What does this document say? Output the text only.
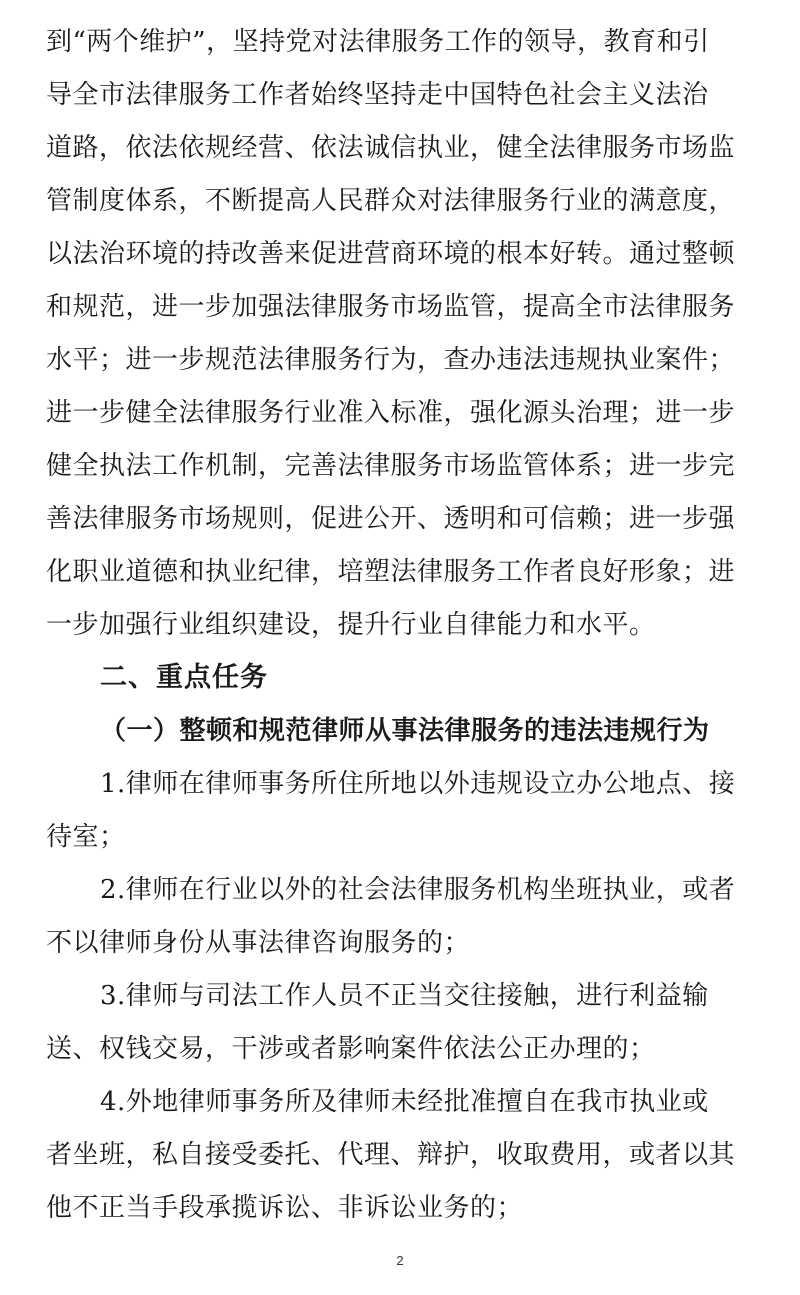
到“两个维护”，坚持党对法律服务工作的领导，教育和引
导全市法律服务工作者始终坚持走中国特色社会主义法治
道路，依法依规经营、依法诚信执业，健全法律服务市场监
管制度体系，不断提高人民群众对法律服务行业的满意度，
以法治环境的持改善来促进营商环境的根本好转。通过整顿
和规范，进一步加强法律服务市场监管，提高全市法律服务
水平；进一步规范法律服务行为，查办违法违规执业案件；
进一步健全法律服务行业准入标准，强化源头治理；进一步
健全执法工作机制，完善法律服务市场监管体系；进一步完
善法律服务市场规则，促进公开、透明和可信赖；进一步强
化职业道德和执业纪律，培塑法律服务工作者良好形象；进
一步加强行业组织建设，提升行业自律能力和水平。
二、重点任务
（一）整顿和规范律师从事法律服务的违法违规行为
1.律师在律师事务所住所地以外违规设立办公地点、接
待室；
2.律师在行业以外的社会法律服务机构坐班执业，或者
不以律师身份从事法律咨询服务的；
3.律师与司法工作人员不正当交往接触，进行利益输
送、权钱交易，干涉或者影响案件依法公正办理的；
4.外地律师事务所及律师未经批准擅自在我市执业或
者坐班，私自接受委托、代理、辩护，收取费用，或者以其
他不正当手段承揽诉讼、非诉讼业务的；
2
